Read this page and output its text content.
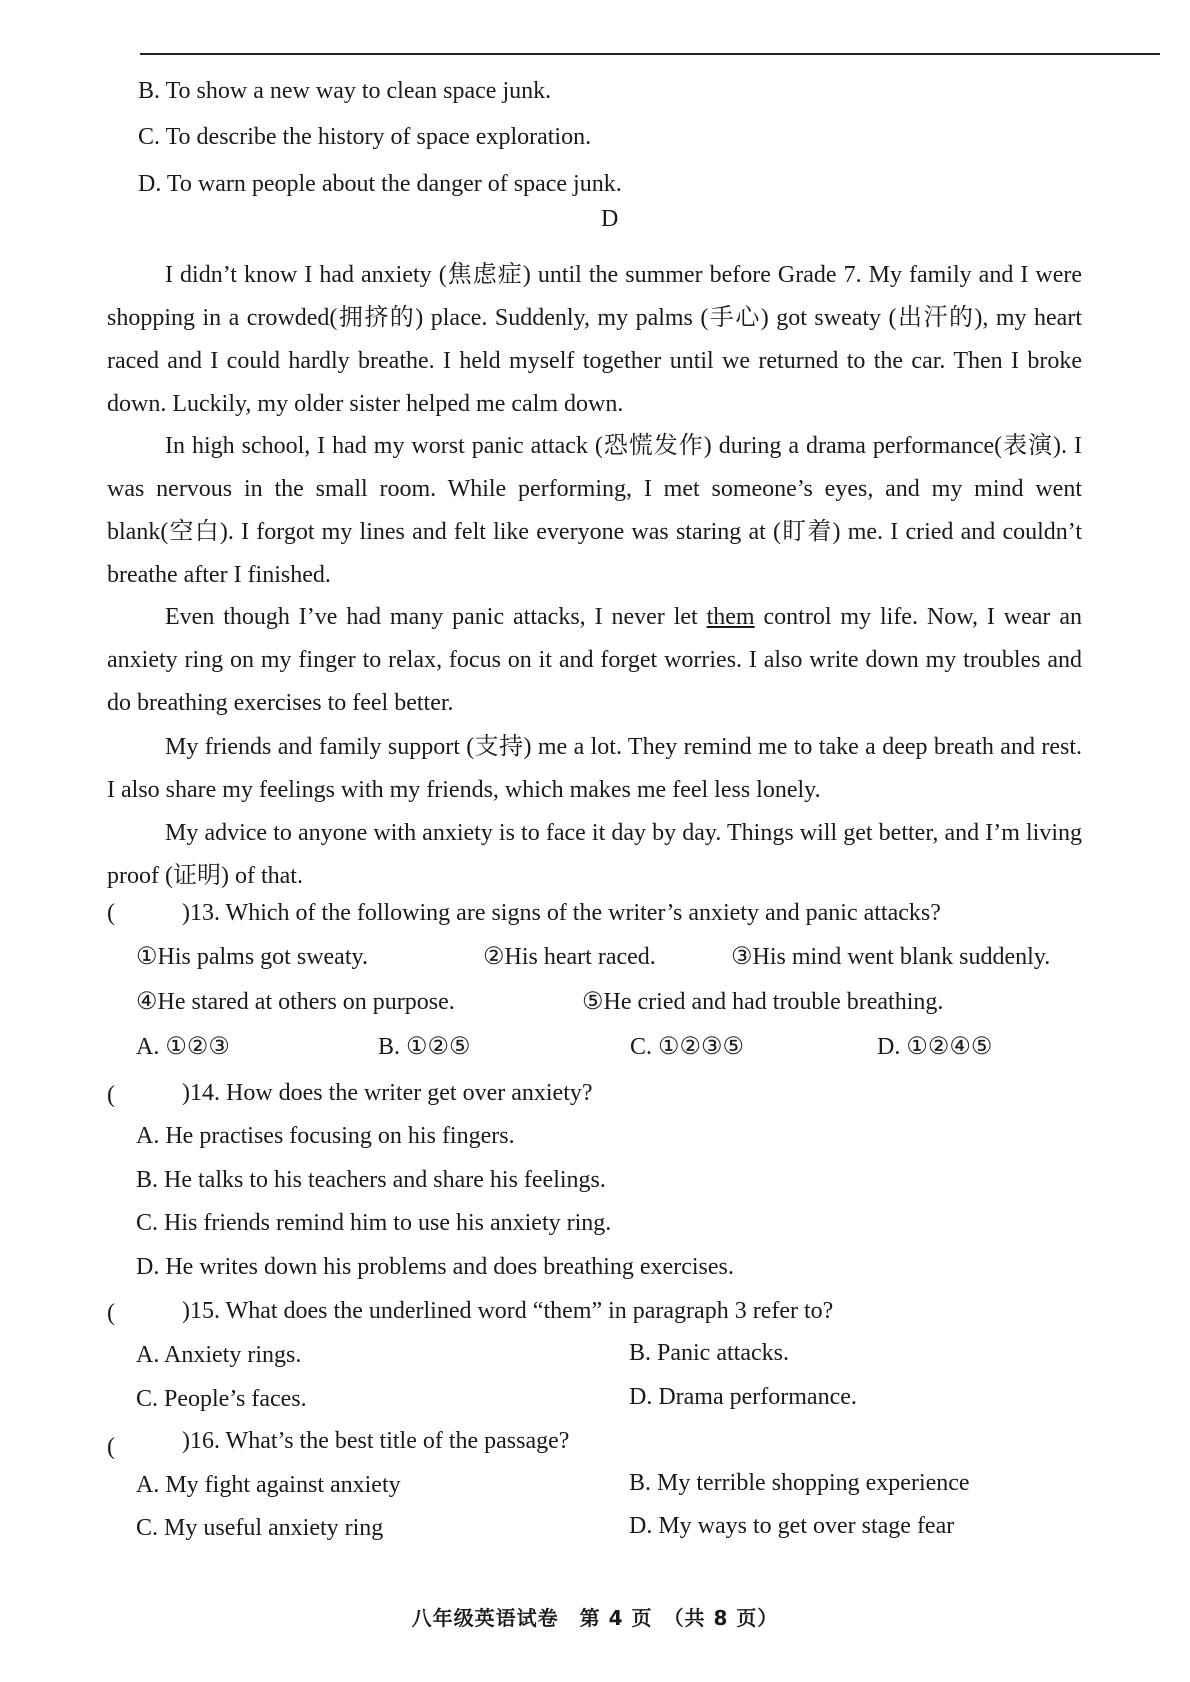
B. To show a new way to clean space junk.
C. To describe the history of space exploration.
D. To warn people about the danger of space junk.
D
I didn’t know I had anxiety (焦虑症) until the summer before Grade 7. My family and I were shopping in a crowded(拥挤的) place. Suddenly, my palms (手心) got sweaty (出汗的), my heart raced and I could hardly breathe. I held myself together until we returned to the car. Then I broke down. Luckily, my older sister helped me calm down.
In high school, I had my worst panic attack (恐慌发作) during a drama performance(表演). I was nervous in the small room. While performing, I met someone’s eyes, and my mind went blank(空白). I forgot my lines and felt like everyone was staring at (盯着) me. I cried and couldn’t breathe after I finished.
Even though I’ve had many panic attacks, I never let them control my life. Now, I wear an anxiety ring on my finger to relax, focus on it and forget worries. I also write down my troubles and do breathing exercises to feel better.
My friends and family support (支持) me a lot. They remind me to take a deep breath and rest. I also share my feelings with my friends, which makes me feel less lonely.
My advice to anyone with anxiety is to face it day by day. Things will get better, and I’m living proof (证明) of that.
(	)13. Which of the following are signs of the writer’s anxiety and panic attacks?
①His palms got sweaty.	②His heart raced.	③His mind went blank suddenly.
④He stared at others on purpose.	⑤He cried and had trouble breathing.
A. ①②③	B. ①②⑤	C. ①②③⑤	D. ①②④⑤
(	)14. How does the writer get over anxiety?
A. He practises focusing on his fingers.
B. He talks to his teachers and share his feelings.
C. His friends remind him to use his anxiety ring.
D. He writes down his problems and does breathing exercises.
(	)15. What does the underlined word “them” in paragraph 3 refer to?
A. Anxiety rings.	B. Panic attacks.
C. People’s faces.	D. Drama performance.
(	)16. What’s the best title of the passage?
A. My fight against anxiety	B. My terrible shopping experience
C. My useful anxiety ring	D. My ways to get over stage fear
八年级英语试卷　第 4 页　（共 8 页）
